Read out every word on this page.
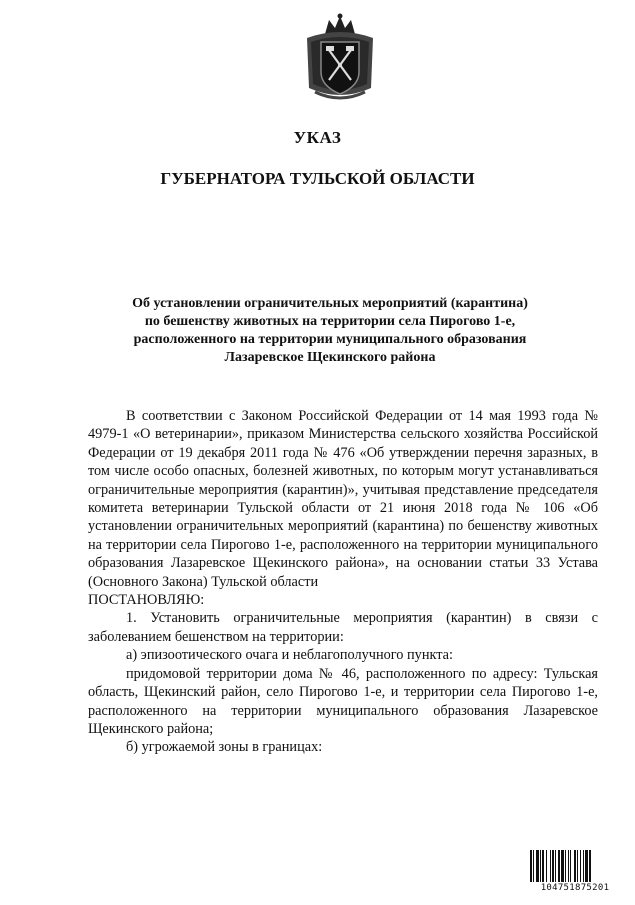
УКАЗ
ГУБЕРНАТОРА ТУЛЬСКОЙ ОБЛАСТИ
Об установлении ограничительных мероприятий (карантина)
по бешенству животных на территории села Пирогово 1-е,
расположенного на территории муниципального образования
Лазаревское Щекинского района

В соответствии с Законом Российской Федерации от 14 мая 1993 года № 4979-1 «О ветеринарии», приказом Министерства сельского хозяйства Российской Федерации от 19 декабря 2011 года № 476 «Об утверждении перечня заразных, в том числе особо опасных, болезней животных, по которым могут устанавливаться ограничительные мероприятия (карантин)», учитывая представление председателя комитета ветеринарии Тульской области от 21 июня 2018 года № 106 «Об установлении ограничительных мероприятий (карантина) по бешенству животных на территории села Пирогово 1-е, расположенного на территории муниципального образования Лазаревское Щекинского района», на основании статьи 33 Устава (Основного Закона) Тульской области

ПОСТАНОВЛЯЮ:

1. Установить ограничительные мероприятия (карантин) в связи с заболеванием бешенством на территории:

а) эпизоотического очага и неблагополучного пункта:

придомовой территории дома № 46, расположенного по адресу: Тульская область, Щекинский район, село Пирогово 1-е, и территории села Пирогово 1-е, расположенного на территории муниципального образования Лазаревское Щекинского района;

б) угрожаемой зоны в границах:

104751875201
